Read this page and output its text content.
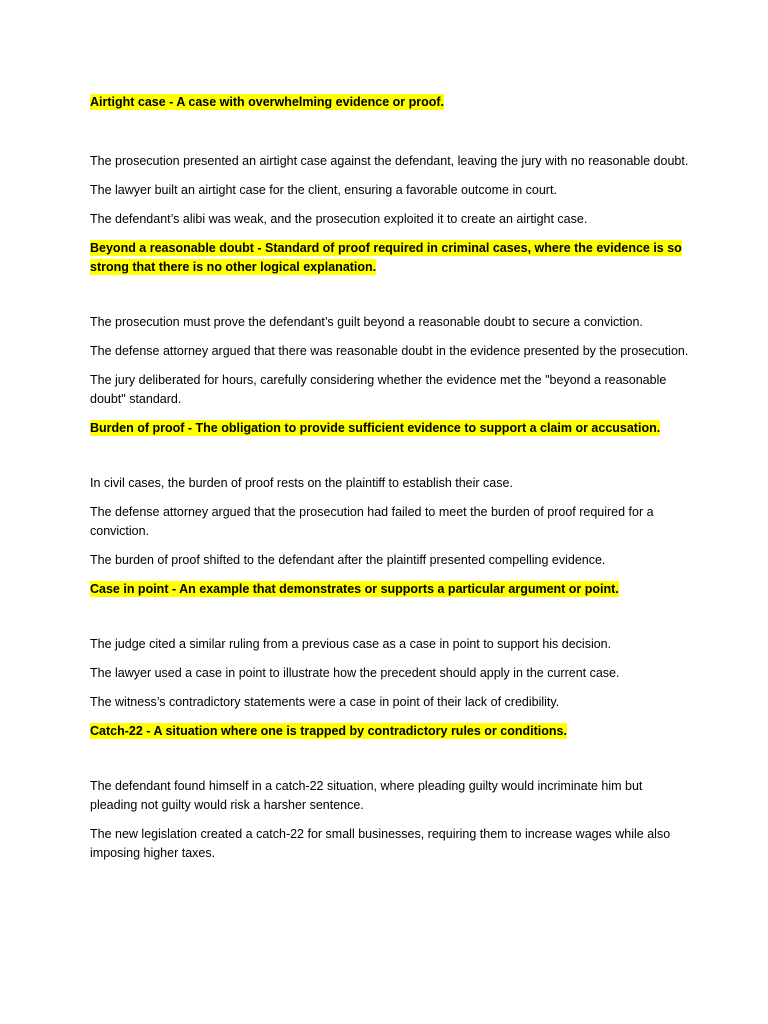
Airtight case - A case with overwhelming evidence or proof.

The prosecution presented an airtight case against the defendant, leaving the jury with no reasonable doubt.

The lawyer built an airtight case for the client, ensuring a favorable outcome in court.

The defendant’s alibi was weak, and the prosecution exploited it to create an airtight case.

Beyond a reasonable doubt - Standard of proof required in criminal cases, where the evidence is so strong that there is no other logical explanation.

The prosecution must prove the defendant’s guilt beyond a reasonable doubt to secure a conviction.

The defense attorney argued that there was reasonable doubt in the evidence presented by the prosecution.

The jury deliberated for hours, carefully considering whether the evidence met the "beyond a reasonable doubt" standard.

Burden of proof - The obligation to provide sufficient evidence to support a claim or accusation.

In civil cases, the burden of proof rests on the plaintiff to establish their case.

The defense attorney argued that the prosecution had failed to meet the burden of proof required for a conviction.

The burden of proof shifted to the defendant after the plaintiff presented compelling evidence.

Case in point - An example that demonstrates or supports a particular argument or point.

The judge cited a similar ruling from a previous case as a case in point to support his decision.

The lawyer used a case in point to illustrate how the precedent should apply in the current case.

The witness’s contradictory statements were a case in point of their lack of credibility.

Catch-22 - A situation where one is trapped by contradictory rules or conditions.

The defendant found himself in a catch-22 situation, where pleading guilty would incriminate him but pleading not guilty would risk a harsher sentence.

The new legislation created a catch-22 for small businesses, requiring them to increase wages while also imposing higher taxes.
